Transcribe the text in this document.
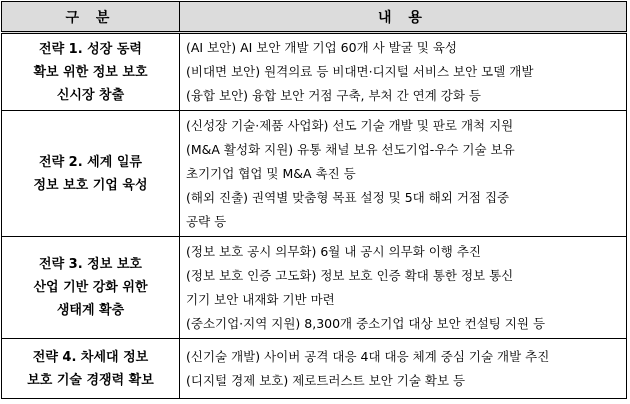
구 분	내 용

전략 1. 성장 동력
확보 위한 정보 보호
신시장 창출	(AI 보안) AI 보안 개발 기업 60개 사 발굴 및 육성
(비대면 보안) 원격의료 등 비대면·디지털 서비스 보안 모델 개발
(융합 보안) 융합 보안 거점 구축, 부처 간 연계 강화 등

전략 2. 세계 일류
정보 보호 기업 육성	(신성장 기술·제품 사업화) 선도 기술 개발 및 판로 개척 지원
(M&A 활성화 지원) 유통 채널 보유 선도기업-우수 기술 보유
초기기업 협업 및 M&A 촉진 등
(해외 진출) 권역별 맞춤형 목표 설정 및 5대 해외 거점 집중
공략 등

전략 3. 정보 보호
산업 기반 강화 위한
생태계 확충	(정보 보호 공시 의무화) 6월 내 공시 의무화 이행 추진
(정보 보호 인증 고도화) 정보 보호 인증 확대 통한 정보 통신
기기 보안 내재화 기반 마련
(중소기업·지역 지원) 8,300개 중소기업 대상 보안 컨설팅 지원 등

전략 4. 차세대 정보
보호 기술 경쟁력 확보	(신기술 개발) 사이버 공격 대응 4대 대응 체계 중심 기술 개발 추진
(디지털 경제 보호) 제로트러스트 보안 기술 확보 등
